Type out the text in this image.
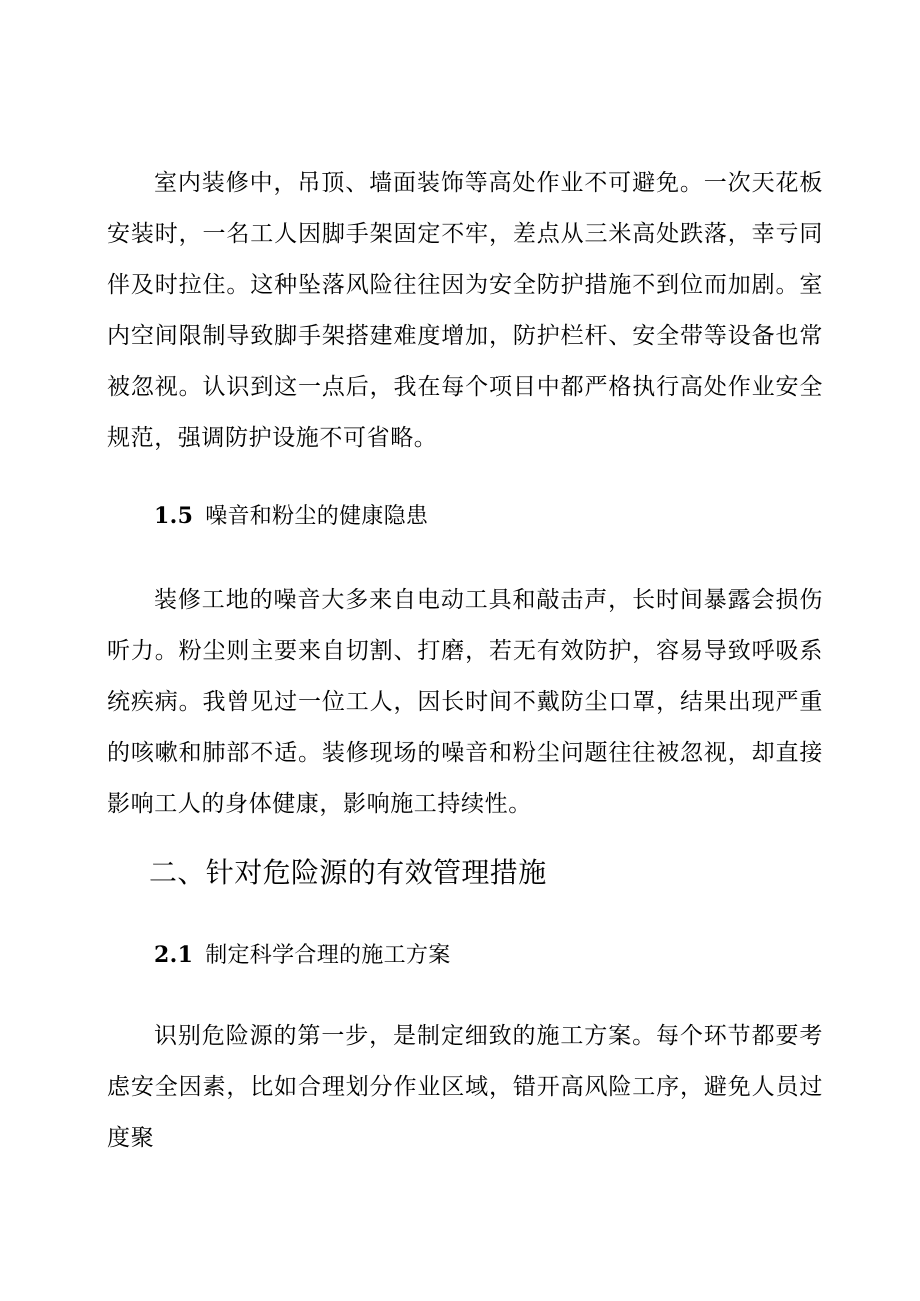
室内装修中，吊顶、墙面装饰等高处作业不可避免。一次天花板安装时，一名工人因脚手架固定不牢，差点从三米高处跌落，幸亏同伴及时拉住。这种坠落风险往往因为安全防护措施不到位而加剧。室内空间限制导致脚手架搭建难度增加，防护栏杆、安全带等设备也常被忽视。认识到这一点后，我在每个项目中都严格执行高处作业安全规范，强调防护设施不可省略。

1.5 噪音和粉尘的健康隐患

装修工地的噪音大多来自电动工具和敲击声，长时间暴露会损伤听力。粉尘则主要来自切割、打磨，若无有效防护，容易导致呼吸系统疾病。我曾见过一位工人，因长时间不戴防尘口罩，结果出现严重的咳嗽和肺部不适。装修现场的噪音和粉尘问题往往被忽视，却直接影响工人的身体健康，影响施工持续性。

二、针对危险源的有效管理措施
2.1 制定科学合理的施工方案

识别危险源的第一步，是制定细致的施工方案。每个环节都要考虑安全因素，比如合理划分作业区域，错开高风险工序，避免人员过度聚
